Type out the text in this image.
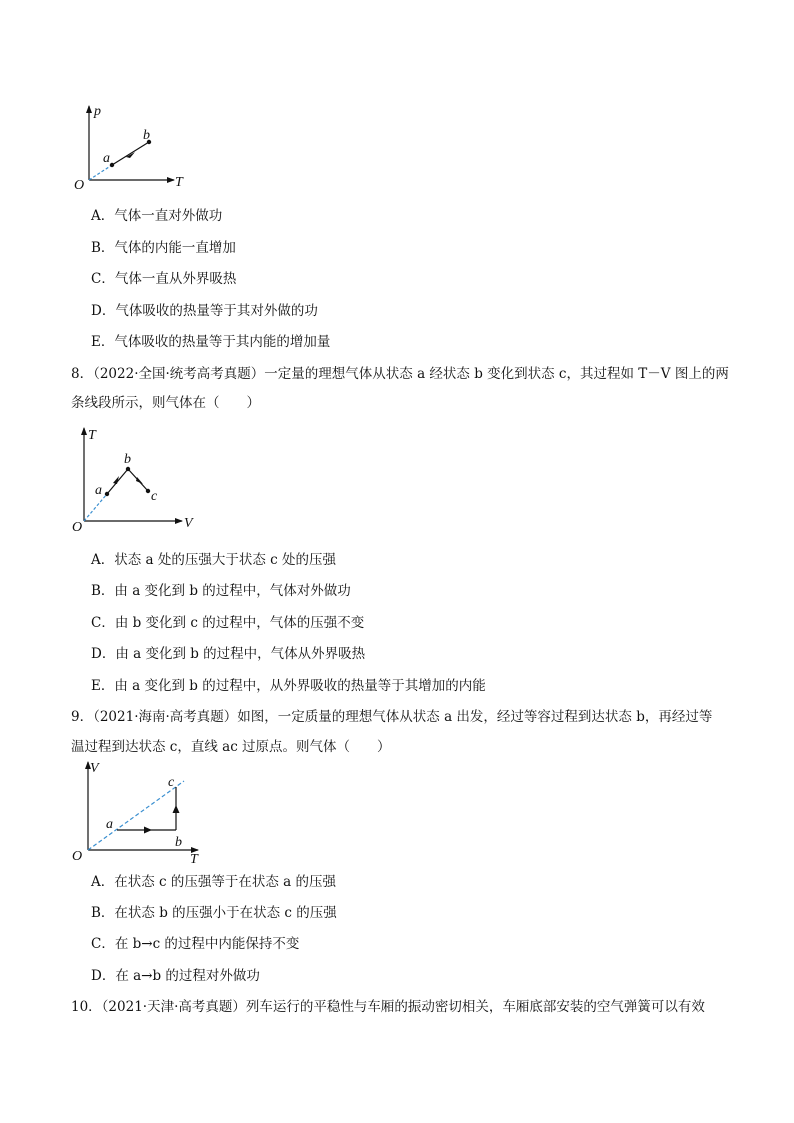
p
T
O
a
b
A．气体一直对外做功
B．气体的内能一直增加
C．气体一直从外界吸热
D．气体吸收的热量等于其对外做的功
E．气体吸收的热量等于其内能的增加量
8．（2022·全国·统考高考真题）一定量的理想气体从状态 a 经状态 b 变化到状态 c，其过程如 T－V 图上的两
条线段所示，则气体在（　　）
T
V
O
a
b
c
A．状态 a 处的压强大于状态 c 处的压强
B．由 a 变化到 b 的过程中，气体对外做功
C．由 b 变化到 c 的过程中，气体的压强不变
D．由 a 变化到 b 的过程中，气体从外界吸热
E．由 a 变化到 b 的过程中，从外界吸收的热量等于其增加的内能
9．（2021·海南·高考真题）如图，一定质量的理想气体从状态 a 出发，经过等容过程到达状态 b，再经过等
温过程到达状态 c，直线 ac 过原点。则气体（　　）
V
T
O
a
b
c
A．在状态 c 的压强等于在状态 a 的压强
B．在状态 b 的压强小于在状态 c 的压强
C．在 b→c 的过程中内能保持不变
D．在 a→b 的过程对外做功
10．（2021·天津·高考真题）列车运行的平稳性与车厢的振动密切相关，车厢底部安装的空气弹簧可以有效
